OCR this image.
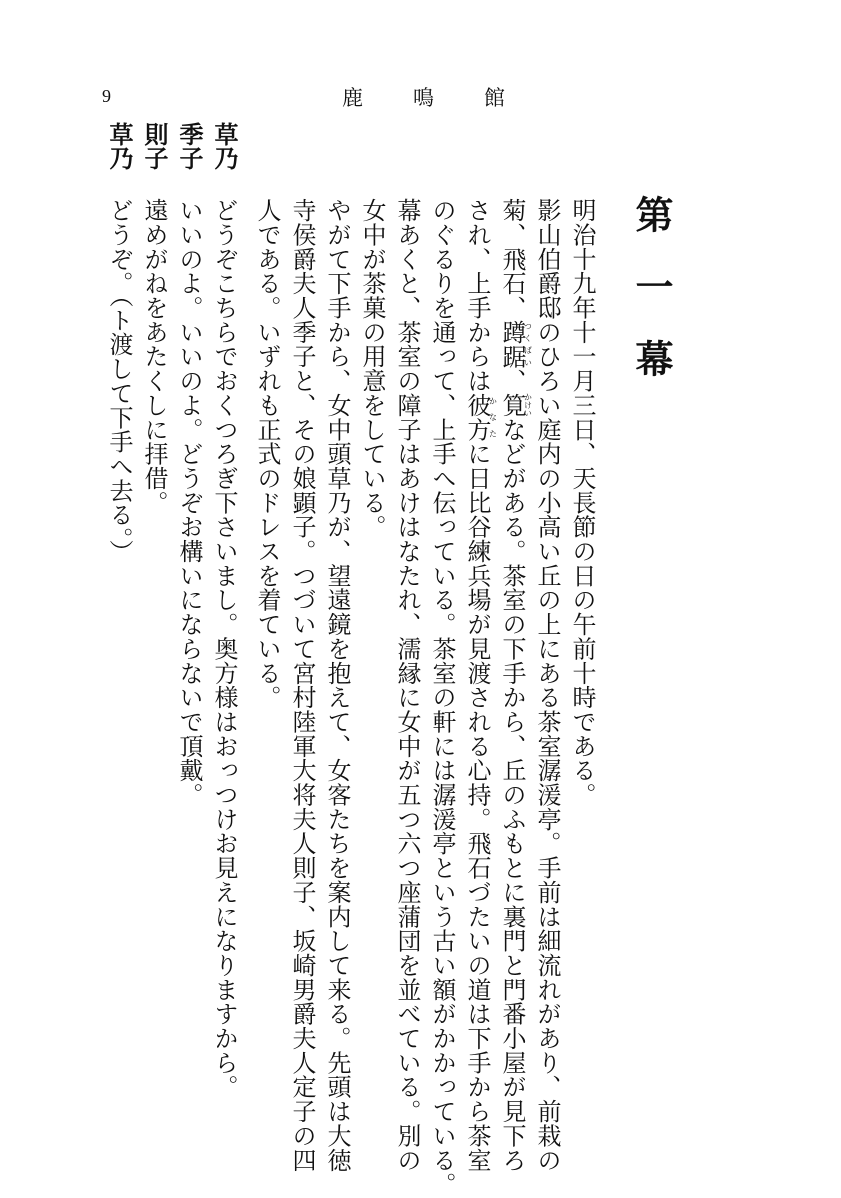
9	鹿鳴館
第一幕
明治十九年十一月三日、天長節の日の午前十時である。
影山伯爵邸のひろい庭内の小高い丘の上にある茶室潺湲亭。手前は細流れがあり、前栽の
菊、飛石、蹲踞つくばい、筧かけいなどがある。茶室の下手から、丘のふもとに裏門と門番小屋が見下ろ
され、上手からは彼方かなたに日比谷練兵場が見渡される心持。飛石づたいの道は下手から茶室
のぐるりを通って、上手へ伝っている。茶室の軒には潺湲亭という古い額がかかっている。
幕あくと、茶室の障子はあけはなたれ、濡縁に女中が五つ六つ座蒲団を並べている。別の
女中が茶菓の用意をしている。
やがて下手から、女中頭草乃が、望遠鏡を抱えて、女客たちを案内して来る。先頭は大徳
寺侯爵夫人季子と、その娘顕子。つづいて宮村陸軍大将夫人則子、坂崎男爵夫人定子の四
人である。いずれも正式のドレスを着ている。
草乃
どうぞこちらでおくつろぎ下さいまし。奥方様はおっつけお見えになりますから。
季子
いいのよ。いいのよ。どうぞお構いにならないで頂戴。
則子
遠めがねをあたくしに拝借。
草乃
どうぞ。（ト渡して下手へ去る。）
